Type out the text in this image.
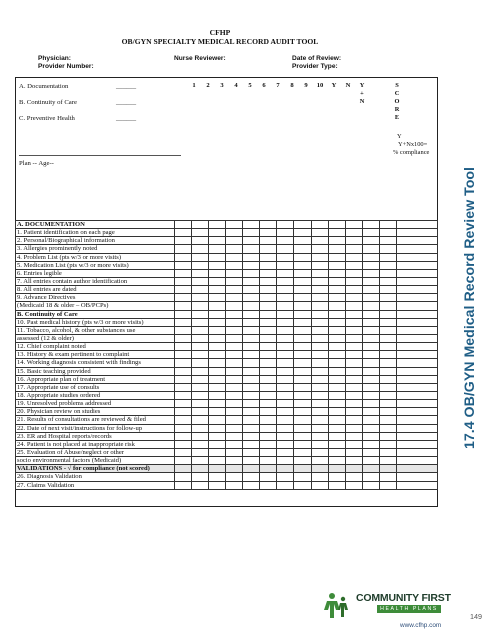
CFHP
OB/GYN SPECIALTY MEDICAL RECORD AUDIT TOOL
Physician:
Provider Number:
Nurse Reviewer:	Date of Review:
Provider Type:
17.4 OB/GYN Medical Record Review Tool
A. Documentation	______
B. Continuity of Care	______
C. Preventive Health	______
Plan -- Age--
1	2	3	4	5	6	7	8	9	10	Y	N	Y
+
N
S
C
O
R
E
Y
Y+Nx100=
% compliance
A. DOCUMENTATION														
1. Patient identification on each page														
2. Personal/Biographical information														
3. Allergies prominently noted														
4. Problem List (pts w/3 or more visits)														
5. Medication List (pts w/3 or more visits)														
6. Entries legible														
7. All entries contain author identification														
8. All entries are dated														
9. Advance Directives														
(Medicaid 18 & older – OB/PCPs)														
B. Continuity of Care														
10. Past medical history (pts w/3 or more visits)														
11. Tobacco, alcohol, & other substances use														
assessed (12 & older)														
12. Chief complaint noted														
13. History & exam pertinent to complaint														
14. Working diagnosis consistent with findings														
15. Basic teaching provided														
16. Appropriate plan of treatment														
17. Appropriate use of consults														
18. Appropriate studies ordered														
19. Unresolved problems addressed														
20. Physician review on studies														
21. Results of consultations are reviewed & filed														
22. Date of next visit/instructions for follow-up														
23. ER and Hospital reports/records														
24. Patient is not placed at inappropriate risk														
25. Evaluation of Abuse/neglect or other														
socio environmental factors (Medicaid)														
VALIDATIONS - √ for compliance (not scored)														
26. Diagnosis Validation														
27. Claims Validation														
COMMUNITY FIRST
HEALTH PLANS
www.cfhp.com
149
